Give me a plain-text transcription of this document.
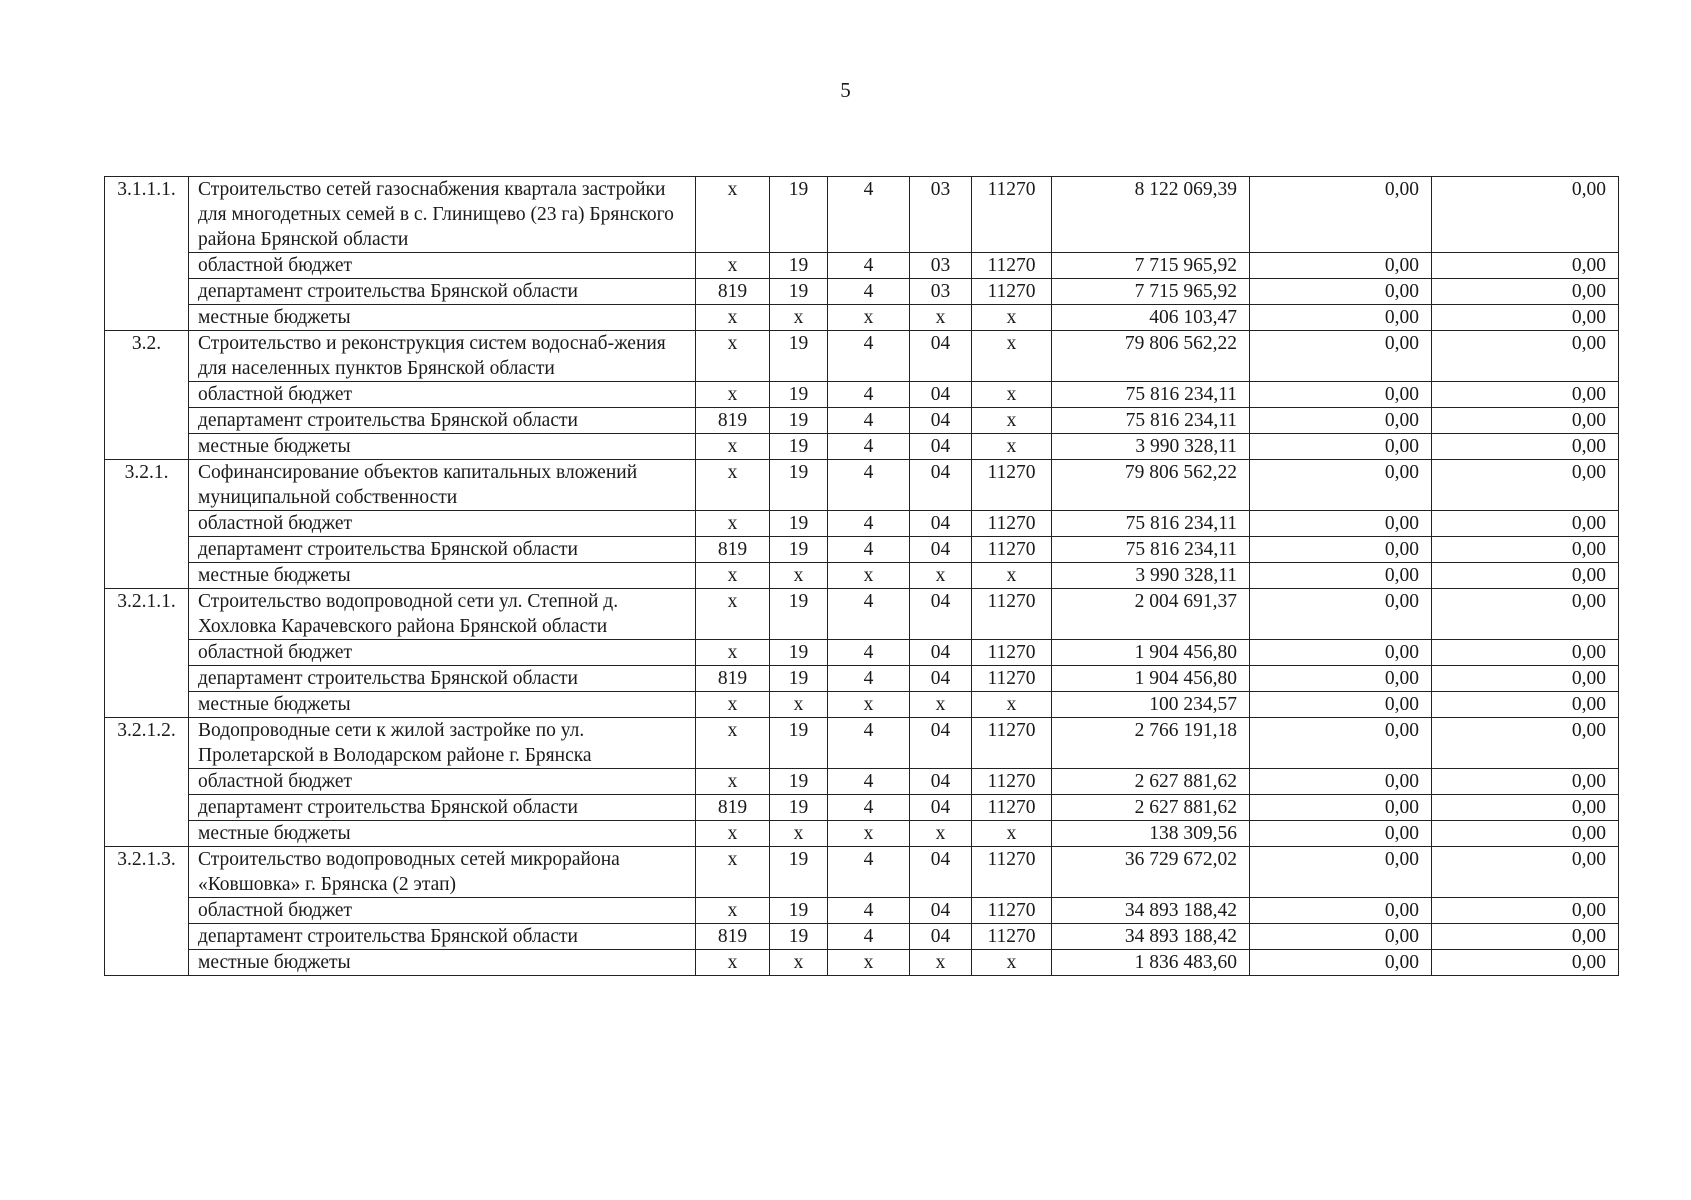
5
3.1.1.1.	Строительство сетей газоснабжения квартала застройки для многодетных семей в с. Глинищево (23 га) Брянского района Брянской области	х	19	4	03	11270	8 122 069,39	0,00	0,00
	областной бюджет	х	19	4	03	11270	7 715 965,92	0,00	0,00
	департамент строительства Брянской области	819	19	4	03	11270	7 715 965,92	0,00	0,00
	местные бюджеты	х	х	х	х	х	406 103,47	0,00	0,00
3.2.	Строительство и реконструкция систем водоснаб-жения для населенных пунктов Брянской области	х	19	4	04	х	79 806 562,22	0,00	0,00
	областной бюджет	х	19	4	04	х	75 816 234,11	0,00	0,00
	департамент строительства Брянской области	819	19	4	04	х	75 816 234,11	0,00	0,00
	местные бюджеты	х	19	4	04	х	3 990 328,11	0,00	0,00
3.2.1.	Софинансирование объектов капитальных вложений муниципальной собственности	х	19	4	04	11270	79 806 562,22	0,00	0,00
	областной бюджет	х	19	4	04	11270	75 816 234,11	0,00	0,00
	департамент строительства Брянской области	819	19	4	04	11270	75 816 234,11	0,00	0,00
	местные бюджеты	х	х	х	х	х	3 990 328,11	0,00	0,00
3.2.1.1.	Строительство водопроводной сети ул. Степной д. Хохловка Карачевского района Брянской области	х	19	4	04	11270	2 004 691,37	0,00	0,00
	областной бюджет	х	19	4	04	11270	1 904 456,80	0,00	0,00
	департамент строительства Брянской области	819	19	4	04	11270	1 904 456,80	0,00	0,00
	местные бюджеты	х	х	х	х	х	100 234,57	0,00	0,00
3.2.1.2.	Водопроводные сети к жилой застройке по ул. Пролетарской в Володарском районе г. Брянска	х	19	4	04	11270	2 766 191,18	0,00	0,00
	областной бюджет	х	19	4	04	11270	2 627 881,62	0,00	0,00
	департамент строительства Брянской области	819	19	4	04	11270	2 627 881,62	0,00	0,00
	местные бюджеты	х	х	х	х	х	138 309,56	0,00	0,00
3.2.1.3.	Строительство водопроводных сетей микрорайона «Ковшовка» г. Брянска (2 этап)	х	19	4	04	11270	36 729 672,02	0,00	0,00
	областной бюджет	х	19	4	04	11270	34 893 188,42	0,00	0,00
	департамент строительства Брянской области	819	19	4	04	11270	34 893 188,42	0,00	0,00
	местные бюджеты	х	х	х	х	х	1 836 483,60	0,00	0,00
